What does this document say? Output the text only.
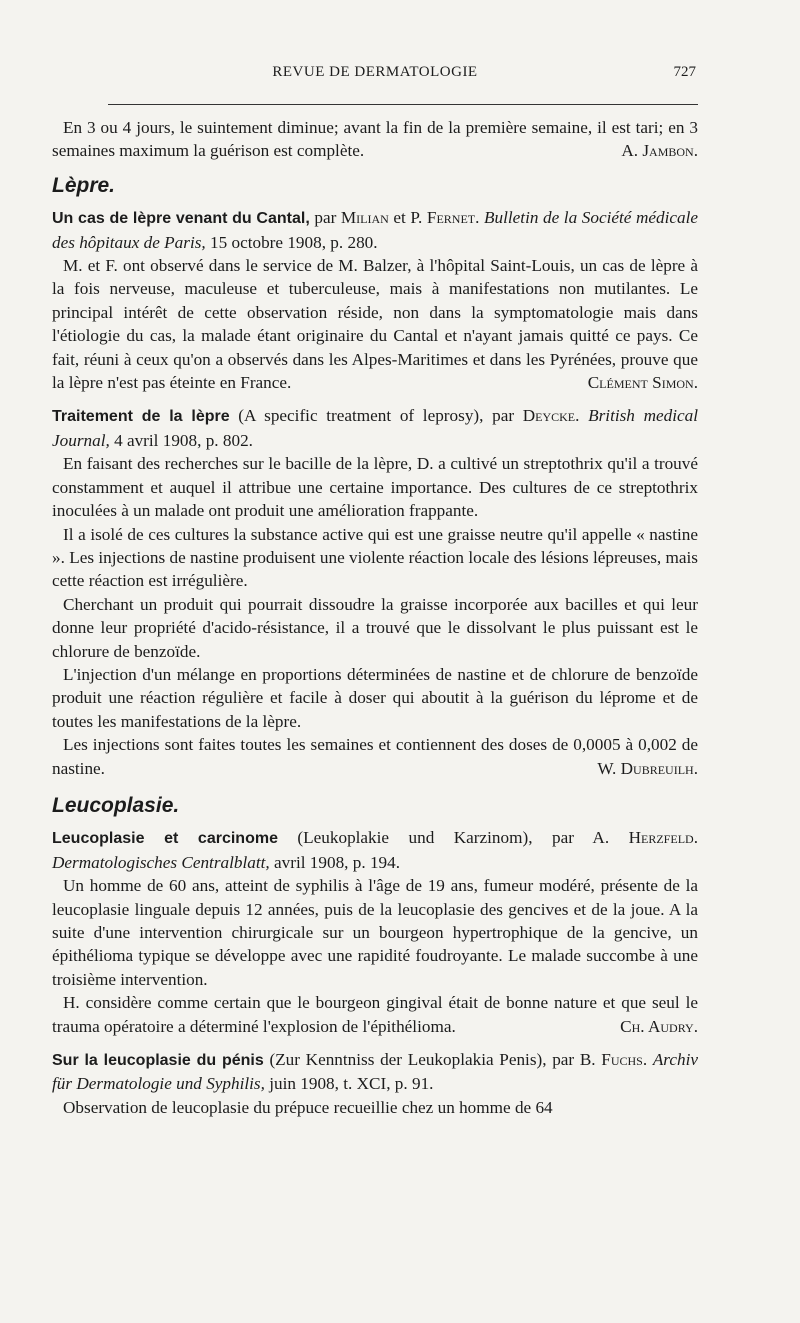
REVUE DE DERMATOLOGIE	727

En 3 ou 4 jours, le suintement diminue; avant la fin de la première semaine, il est tari; en 3 semaines maximum la guérison est complète.	A. Jambon.

Lèpre.

Un cas de lèpre venant du Cantal, par Milian et P. Fernet. Bulletin de la Société médicale des hôpitaux de Paris, 15 octobre 1908, p. 280.

M. et F. ont observé dans le service de M. Balzer, à l'hôpital Saint-Louis, un cas de lèpre à la fois nerveuse, maculeuse et tuberculeuse, mais à manifestations non mutilantes. Le principal intérêt de cette observation réside, non dans la symptomatologie mais dans l'étiologie du cas, la malade étant originaire du Cantal et n'ayant jamais quitté ce pays. Ce fait, réuni à ceux qu'on a observés dans les Alpes-Maritimes et dans les Pyrénées, prouve que la lèpre n'est pas éteinte en France.	Clément Simon.

Traitement de la lèpre (A specific treatment of leprosy), par Deycke. British medical Journal, 4 avril 1908, p. 802.

En faisant des recherches sur le bacille de la lèpre, D. a cultivé un streptothrix qu'il a trouvé constamment et auquel il attribue une certaine importance. Des cultures de ce streptothrix inoculées à un malade ont produit une amélioration frappante.

Il a isolé de ces cultures la substance active qui est une graisse neutre qu'il appelle « nastine ». Les injections de nastine produisent une violente réaction locale des lésions lépreuses, mais cette réaction est irrégulière.

Cherchant un produit qui pourrait dissoudre la graisse incorporée aux bacilles et qui leur donne leur propriété d'acido-résistance, il a trouvé que le dissolvant le plus puissant est le chlorure de benzoïde.

L'injection d'un mélange en proportions déterminées de nastine et de chlorure de benzoïde produit une réaction régulière et facile à doser qui aboutit à la guérison du léprome et de toutes les manifestations de la lèpre.

Les injections sont faites toutes les semaines et contiennent des doses de 0,0005 à 0,002 de nastine.	W. Dubreuilh.

Leucoplasie.

Leucoplasie et carcinome (Leukoplakie und Karzinom), par A. Herzfeld. Dermatologisches Centralblatt, avril 1908, p. 194.

Un homme de 60 ans, atteint de syphilis à l'âge de 19 ans, fumeur modéré, présente de la leucoplasie linguale depuis 12 années, puis de la leucoplasie des gencives et de la joue. A la suite d'une intervention chirurgicale sur un bourgeon hypertrophique de la gencive, un épithélioma typique se développe avec une rapidité foudroyante. Le malade succombe à une troisième intervention.

H. considère comme certain que le bourgeon gingival était de bonne nature et que seul le trauma opératoire a déterminé l'explosion de l'épithélioma.	Ch. Audry.

Sur la leucoplasie du pénis (Zur Kenntniss der Leukoplakia Penis), par B. Fuchs. Archiv für Dermatologie und Syphilis, juin 1908, t. XCI, p. 91.

Observation de leucoplasie du prépuce recueillie chez un homme de 64
